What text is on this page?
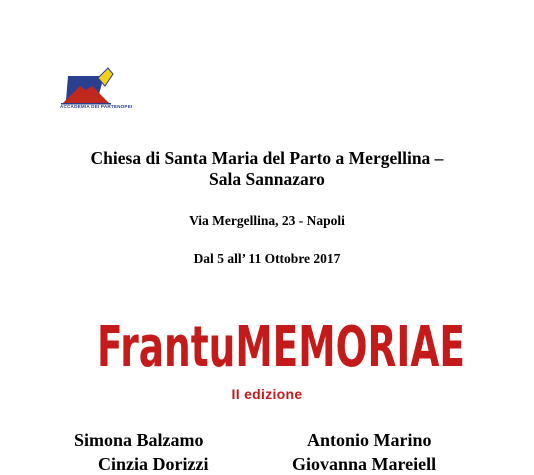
ACCADEMIA DEI PARTENOPEI
Chiesa di Santa Maria del Parto a Mergellina –
Sala Sannazaro
Via Mergellina, 23 - Napoli
Dal 5 all’ 11 Ottobre 2017
FrantuMEMORIAE
II edizione
Simona Balzamo	Antonio Marino
Cinzia Dorizzi	Giovanna Mareiell
